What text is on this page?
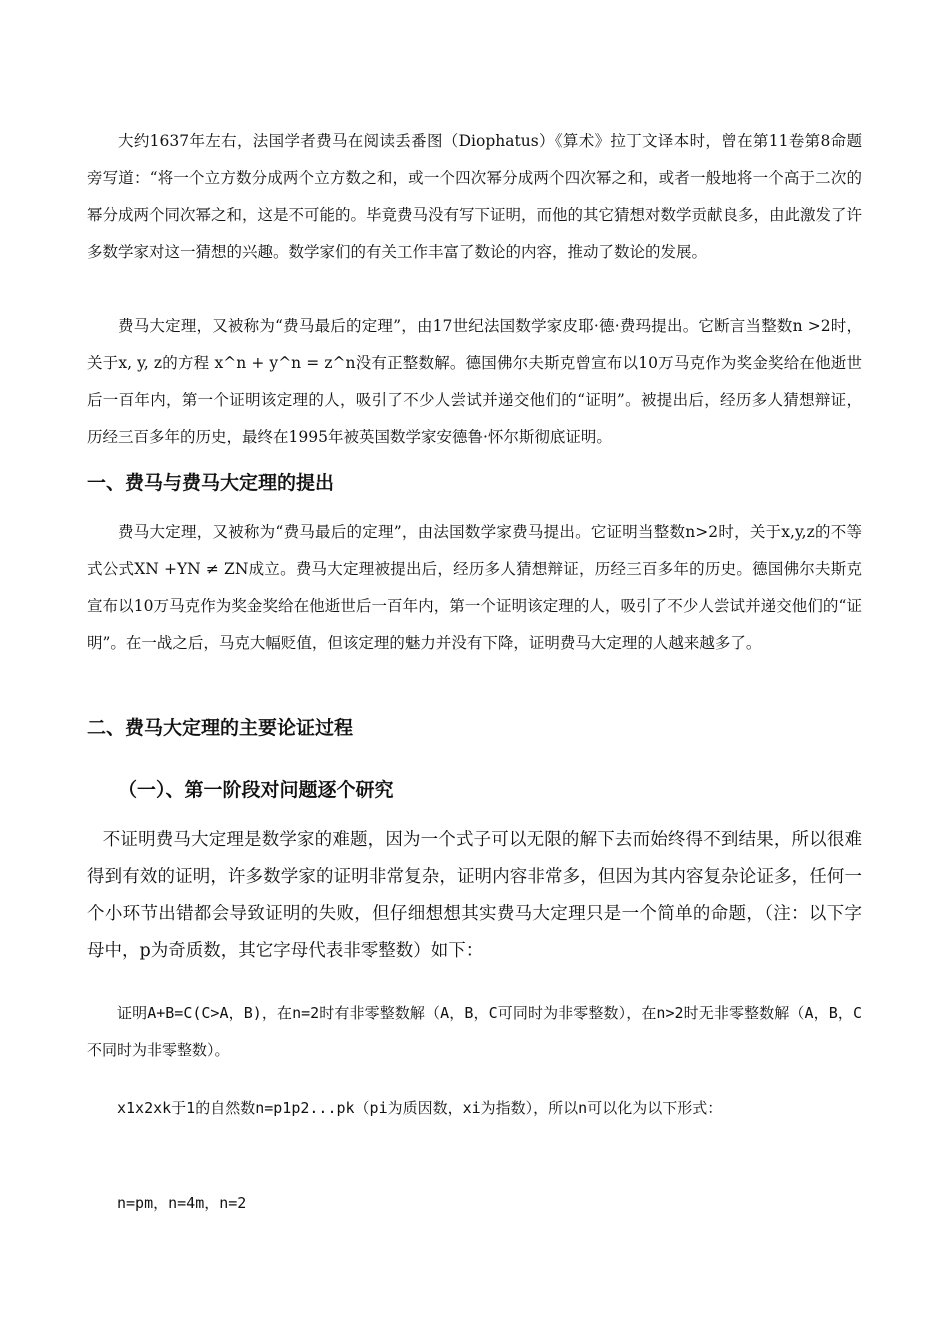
大约1637年左右，法国学者费马在阅读丢番图（Diophatus）《算术》拉丁文译本时，曾在第11卷第8命题旁写道：“将一个立方数分成两个立方数之和，或一个四次幂分成两个四次幂之和，或者一般地将一个高于二次的幂分成两个同次幂之和，这是不可能的。毕竟费马没有写下证明，而他的其它猜想对数学贡献良多，由此激发了许多数学家对这一猜想的兴趣。数学家们的有关工作丰富了数论的内容，推动了数论的发展。

费马大定理，又被称为“费马最后的定理”，由17世纪法国数学家皮耶·德·费玛提出。它断言当整数n >2时，关于x, y, z的方程 x^n + y^n = z^n没有正整数解。德国佛尔夫斯克曾宣布以10万马克作为奖金奖给在他逝世后一百年内，第一个证明该定理的人，吸引了不少人尝试并递交他们的“证明”。被提出后，经历多人猜想辩证，历经三百多年的历史，最终在1995年被英国数学家安德鲁·怀尔斯彻底证明。

一、费马与费马大定理的提出

费马大定理，又被称为“费马最后的定理”，由法国数学家费马提出。它证明当整数n>2时，关于x,y,z的不等式公式XN +YN ≠ ZN成立。费马大定理被提出后，经历多人猜想辩证，历经三百多年的历史。德国佛尔夫斯克宣布以10万马克作为奖金奖给在他逝世后一百年内，第一个证明该定理的人，吸引了不少人尝试并递交他们的“证明”。在一战之后，马克大幅贬值，但该定理的魅力并没有下降，证明费马大定理的人越来越多了。

二、费马大定理的主要论证过程
（一）、第一阶段对问题逐个研究

不证明费马大定理是数学家的难题，因为一个式子可以无限的解下去而始终得不到结果，所以很难得到有效的证明，许多数学家的证明非常复杂，证明内容非常多，但因为其内容复杂论证多，任何一个小环节出错都会导致证明的失败，但仔细想想其实费马大定理只是一个简单的命题，（注：以下字母中，p为奇质数，其它字母代表非零整数）如下：

证明A+B=C(C>A，B)，在n=2时有非零整数解（A，B，C可同时为非零整数），在n>2时无非零整数解（A，B，C不同时为非零整数）。

x1x2xk于1的自然数n=p1p2...pk（pi为质因数，xi为指数），所以n可以化为以下形式：

n=pm，n=4m，n=2
